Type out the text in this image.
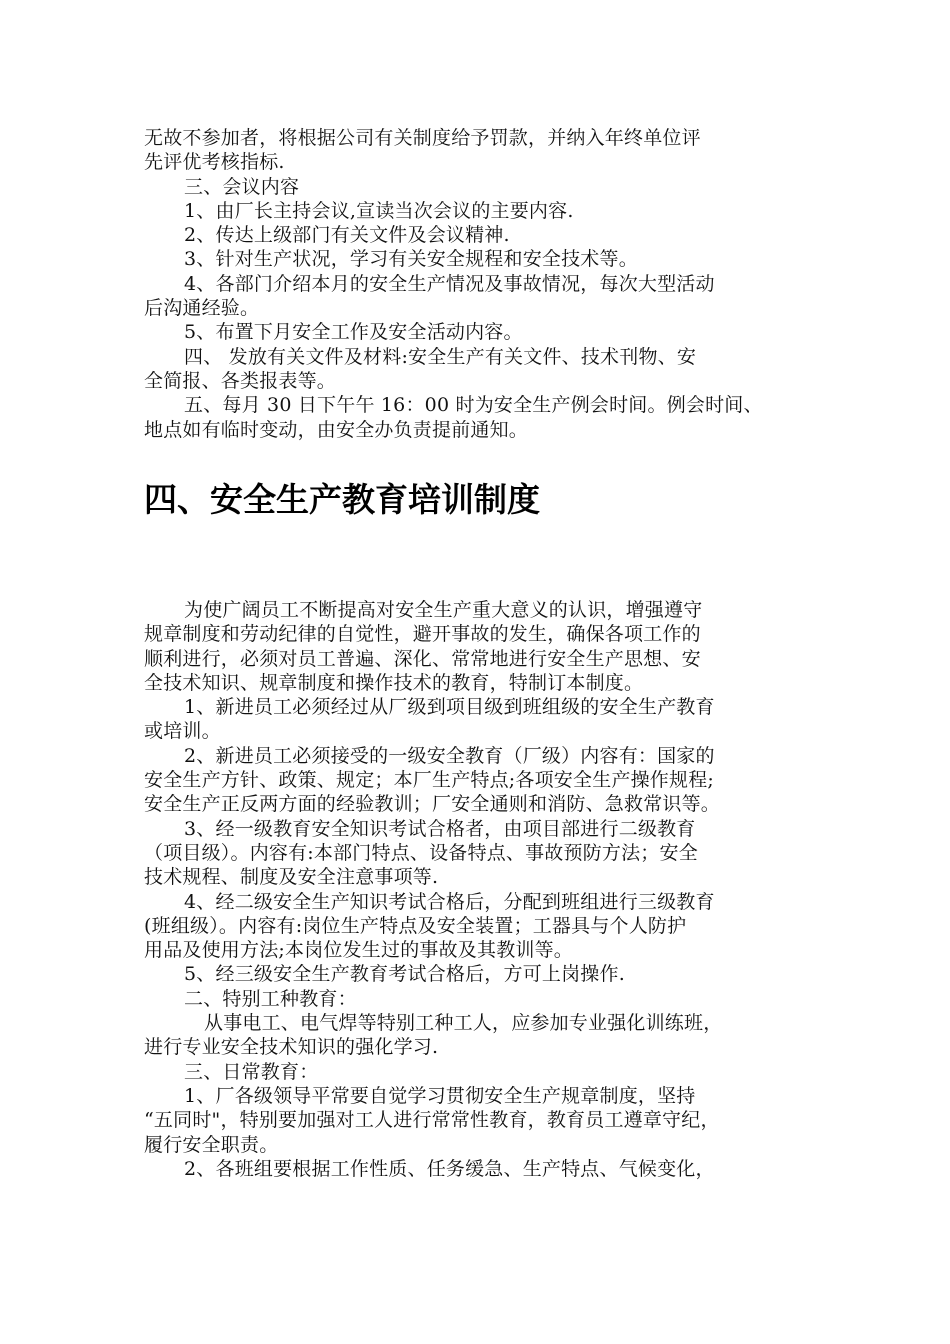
无故不参加者，将根据公司有关制度给予罚款，并纳入年终单位评
先评优考核指标.
三、会议内容
1、由厂长主持会议,宣读当次会议的主要内容.
2、传达上级部门有关文件及会议精神.
3、针对生产状况，学习有关安全规程和安全技术等。
4、各部门介绍本月的安全生产情况及事故情况，每次大型活动
后沟通经验。
5、布置下月安全工作及安全活动内容。
四、 发放有关文件及材料:安全生产有关文件、技术刊物、安
全简报、各类报表等。
五、每月 30 日下午午 16：00 时为安全生产例会时间。例会时间、
地点如有临时变动，由安全办负责提前通知。
四、安全生产教育培训制度
为使广阔员工不断提高对安全生产重大意义的认识，增强遵守
规章制度和劳动纪律的自觉性，避开事故的发生，确保各项工作的
顺利进行，必须对员工普遍、深化、常常地进行安全生产思想、安
全技术知识、规章制度和操作技术的教育，特制订本制度。
1、新进员工必须经过从厂级到项目级到班组级的安全生产教育
或培训。
2、新进员工必须接受的一级安全教育（厂级）内容有：国家的
安全生产方针、政策、规定；本厂生产特点;各项安全生产操作规程;
安全生产正反两方面的经验教训；厂安全通则和消防、急救常识等。
3、经一级教育安全知识考试合格者，由项目部进行二级教育
（项目级）。内容有:本部门特点、设备特点、事故预防方法；安全
技术规程、制度及安全注意事项等.
4、经二级安全生产知识考试合格后，分配到班组进行三级教育
(班组级）。内容有:岗位生产特点及安全装置；工器具与个人防护
用品及使用方法;本岗位发生过的事故及其教训等。
5、经三级安全生产教育考试合格后，方可上岗操作.
二、特别工种教育：
从事电工、电气焊等特别工种工人，应参加专业强化训练班，
进行专业安全技术知识的强化学习.
三、日常教育：
1、厂各级领导平常要自觉学习贯彻安全生产规章制度，坚持
“五同时"，特别要加强对工人进行常常性教育，教育员工遵章守纪，
履行安全职责。
2、各班组要根据工作性质、任务缓急、生产特点、气候变化，
